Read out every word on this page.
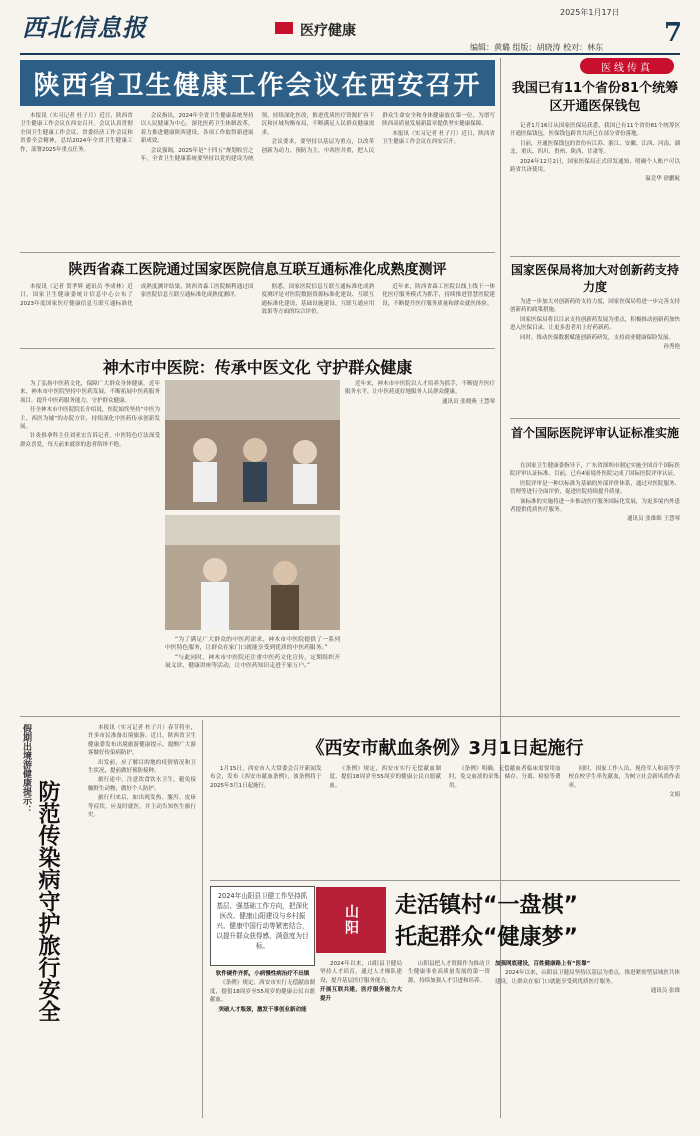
西北信息报	医疗健康
2025年1月17日
编辑：黄璐 组版：胡晓涛 校对：林东 7
陕西省卫生健康工作会议在西安召开

本报讯（实习记者 杜子月）近日，陕西省卫生健康工作会议在西安召开。会议认真贯彻全国卫生健康工作会议、省委经济工作会议和省委全会精神，总结2024年全省卫生健康工作，部署2025年重点任务。

会议指出，2024年全省卫生健康系统坚持以人民健康为中心，深化医药卫生体制改革，着力推进健康陕西建设，各项工作取得新进展新成效。

会议强调，2025年是“十四五”规划收官之年，全省卫生健康系统要坚持以党的建设为统领，持续深化医改，推进优质医疗资源扩容下沉和区域均衡布局，不断满足人民群众健康需求。

会议要求，要坚持以基层为重点，以改革创新为动力，预防为主，中西医并重，把人民群众生命安全和身体健康放在第一位，为谱写陕西高质量发展新篇章提供坚实健康保障。

本报讯（实习记者 杜子月）近日，陕西省卫生健康工作会议在西安召开。

医线传真
我国已有11个省份81个统筹区开通医保钱包

记者1月16日从国家医保局获悉，我国已有11个省份81个统筹区开通医保钱包，医保钱包跨省共济已在部分省份落地。

目前，开通医保钱包的省份有江苏、浙江、安徽、江西、河南、湖北、重庆、四川、贵州、陕西、甘肃等。

2024年12月2日，国家医保局正式印发通知，明确个人账户可以跨省共济使用。

温竞华 徐鹏航

陕西省森工医院通过国家医院信息互联互通标准化成熟度测评

本报讯（记者 贺孝辉 通讯员 李成林）近日，国家卫生健康委统计信息中心公布了2023年度国家医疗健康信息互联互通标准化成熟度测评结果，陕西省森工医院顺利通过国家医院信息互联互通标准化成熟度测评。

据悉，国家医院信息互联互通标准化成熟度测评是对医院数据资源标准化建设、互联互通标准化建设、基础设施建设、互联互通应用效果等方面的综合评价。

近年来，陕西省森工医院以线上线下一体化医疗服务模式为抓手，持续推进智慧医院建设，不断提升医疗服务质量和群众就医体验。

国家医保局将加大对创新药支持力度

为进一步加大对创新药的支持力度，国家医保局将进一步完善支持创新药的政策措施。

国家医保局将以目录支持创新药发展为重点，积极推动创新药加快进入医保目录，让更多患者用上好药新药。

同时，推动医保数据赋能创新药研发，支持商业健康保险发展。

孙秀艳

神木市中医院：传承中医文化 守护群众健康

为了弘扬中医药文化，保障广大群众身体健康，近年来，神木市中医院坚持中医药发展，不断拓展中医药服务项目，提升中医药服务能力，守护群众健康。

任全神木市中医院院长介绍说，医院始终坚持“中医为主、西医为辅”的办院方针，持续深化中医药传承创新发展。

针灸推拿科主任刘亚宏告诉记者，中医特色疗法深受群众喜爱，每天前来就诊的患者络绎不绝。

“为了满足广大群众的中医药需求，神木市中医院提供了一系列中医特色服务，让群众在家门口就能享受到优质的中医药服务。”

“与此同时，神木市中医院还注重中医药文化宣传，定期组织开展义诊、健康讲座等活动，让中医药知识走进千家万户。”

近年来，神木市中医院以人才培养为抓手，不断提升医疗服务水平，让中医药更好地服务人民群众健康。

通讯员 张晓燕 王慧琴

首个国际医院评审认证标准实施

在国家卫生健康委指导下，广东省深圳市制定实施全国首个国际医院评审认证标准。目前，已有4家境外医院完成了国际医院评审认证。

医院评审是一种以标准为基础的外部评价体系，通过对医院服务、管理等进行全面评价，促进医院持续提升质量。

该标准的实施将进一步推动医疗服务国际化发展，为更多境内外患者提供优质医疗服务。

通讯员 张维维 王慧琴

假期出境游健康提示：
防范传染病守护旅行安全

本报讯（实习记者 杜子月）春节将至，许多市民准备出境旅游。近日，陕西省卫生健康委发布出境旅游健康提示，提醒广大游客做好传染病防护。

出发前，应了解目的地的疫情情况和卫生状况，提前做好预防接种。

旅行途中，注意饮食饮水卫生，避免接触野生动物，做好个人防护。

旅行归来后，如出现发热、腹泻、皮疹等症状，应及时就医，并主动告知医生旅行史。

《西安市献血条例》3月1日起施行

1月15日，西安市人大常委会召开新闻发布会，发布《西安市献血条例》，该条例将于2025年3月1日起施行。

《条例》规定，西安市实行无偿献血制度，提倡18周岁至55周岁的健康公民自愿献血。

《条例》明确，无偿献血者临床需要用血时，免交血液的采集、储存、分离、检验等费用。

同时，国家工作人员、现役军人和高等学校在校学生率先献血，为树立社会新风尚作表率。

文娟

2024年山阳县卫健工作坚持抓基层、强基础工作方向，把深化医改、健康山阳建设与乡村振兴、健康中国行动等紧密结合，以提升群众获得感、满意度为目标。
山阳	走活镇村“一盘棋”
托起群众“健康梦”

软件硬件齐抓，小病慢性病治疗不出镇

《条例》规定，西安市实行无偿献血制度，提倡18周岁至55周岁的健康公民自愿献血。

突破人才瓶颈，激发干事创业新动能

2024年以来，山阳县卫健局坚持人才培育，通过人才梯队建设，提升基层医疗服务能力。

开展互联共建，医疗服务能力大提升

山阳县把人才资源作为推动卫生健康事业高质量发展的第一资源，持续加强人才引进和培养。

加强网底建设，百姓健康路上有“医靠”

2024年以来，山阳县卫健局坚持以基层为重点，推进紧密型县域医共体建设，让群众在家门口就能享受到优质医疗服务。

通讯员 张维
